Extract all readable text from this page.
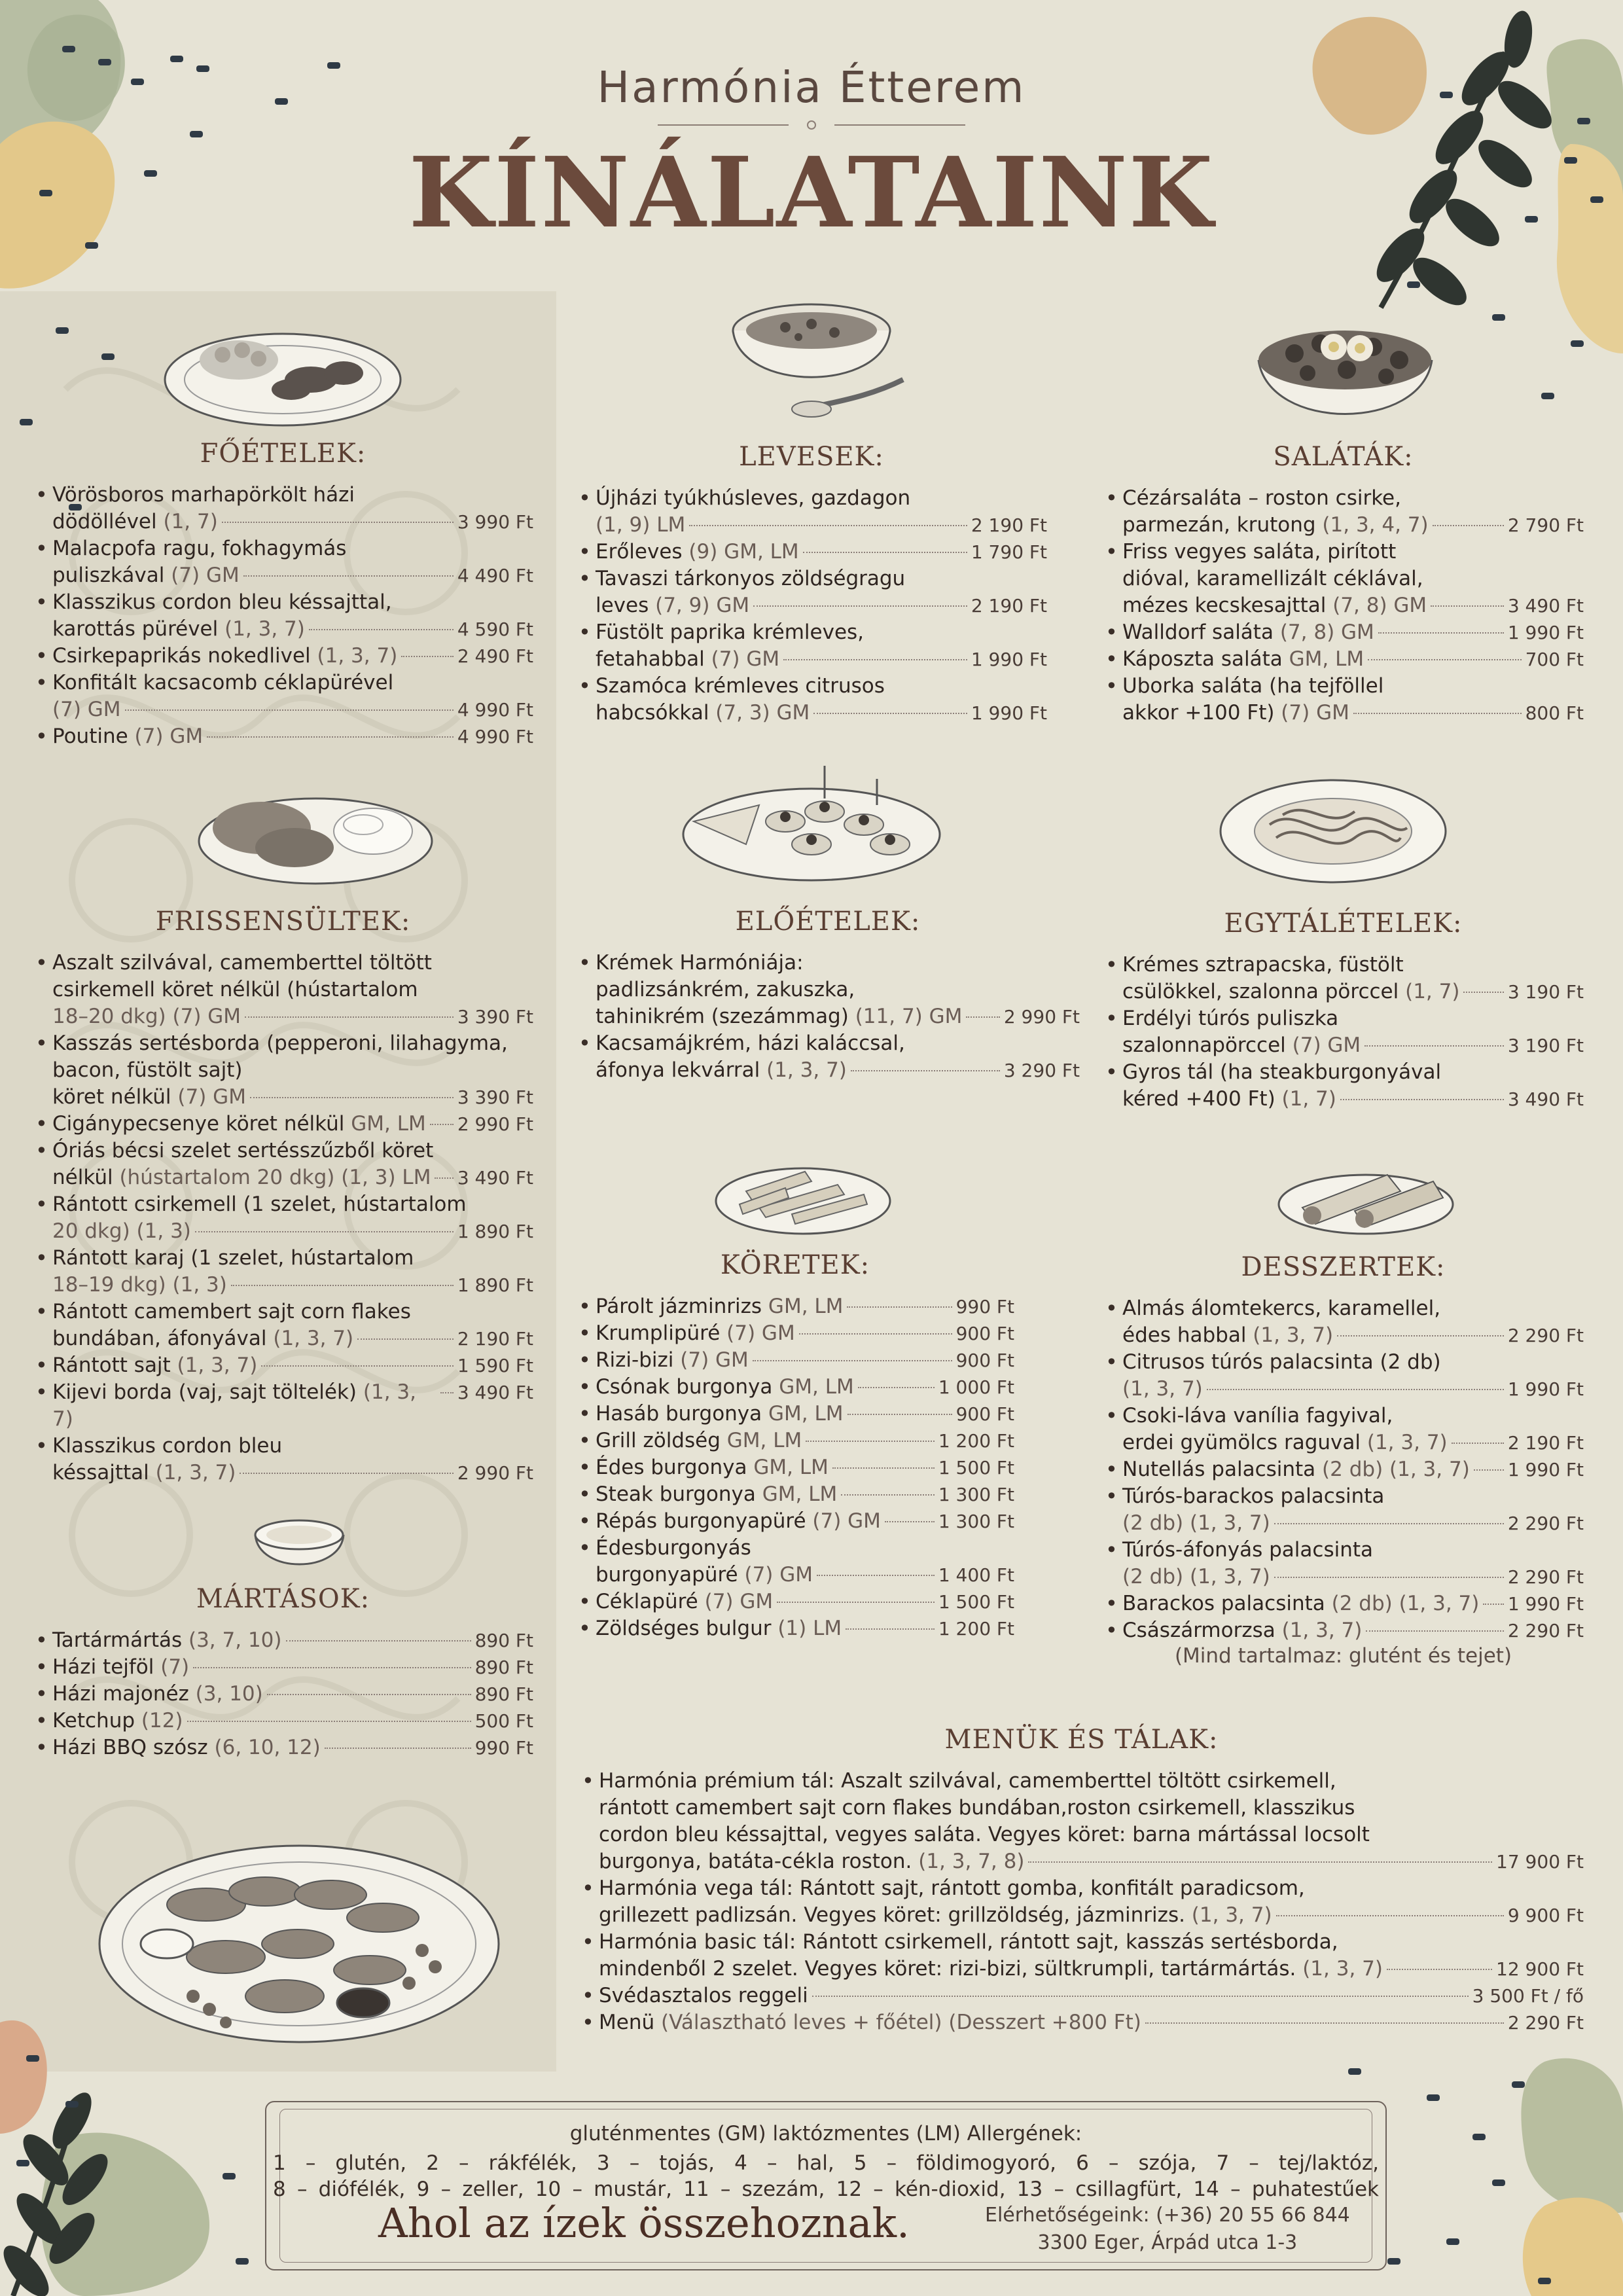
Harmónia Étterem
KÍNÁLATAINK
FŐÉTELEK:
• Vörösboros marhapörkölt házi
dödöllével (1, 7)	3 990 Ft
• Malacpofa ragu, fokhagymás
puliszkával (7) GM	4 490 Ft
• Klasszikus cordon bleu késsajttal,
karottás pürével (1, 3, 7)	4 590 Ft
• Csirkepaprikás nokedlivel (1, 3, 7)	2 490 Ft
• Konfitált kacsacomb céklapürével
(7) GM	4 990 Ft
• Poutine (7) GM	4 990 Ft
LEVESEK:
• Újházi tyúkhúsleves, gazdagon
(1, 9) LM	2 190 Ft
• Erőleves (9) GM, LM	1 790 Ft
• Tavaszi tárkonyos zöldségragu
leves (7, 9) GM	2 190 Ft
• Füstölt paprika krémleves,
fetahabbal (7) GM	1 990 Ft
• Szamóca krémleves citrusos
habcsókkal (7, 3) GM	1 990 Ft
SALÁTÁK:
• Cézársaláta – roston csirke,
parmezán, krutong (1, 3, 4, 7)	2 790 Ft
• Friss vegyes saláta, pirított
dióval, karamellizált céklával,
mézes kecskesajttal (7, 8) GM	3 490 Ft
• Walldorf saláta (7, 8) GM	1 990 Ft
• Káposzta saláta GM, LM	700 Ft
• Uborka saláta (ha tejföllel
akkor +100 Ft) (7) GM	800 Ft
FRISSENSÜLTEK:
• Aszalt szilvával, camemberttel töltött
csirkemell köret nélkül (hústartalom
18–20 dkg) (7) GM	3 390 Ft
• Kasszás sertésborda (pepperoni, lilahagyma,
bacon, füstölt sajt)
köret nélkül (7) GM	3 390 Ft
• Cigánypecsenye köret nélkül GM, LM 2 990 Ft
• Óriás bécsi szelet sertésszűzből köret
nélkül (hústartalom 20 dkg) (1, 3) LM 3 490 Ft
• Rántott csirkemell (1 szelet, hústartalom
20 dkg) (1, 3)	1 890 Ft
• Rántott karaj (1 szelet, hústartalom
18–19 dkg) (1, 3)	1 890 Ft
• Rántott camembert sajt corn flakes
bundában, áfonyával (1, 3, 7)	2 190 Ft
• Rántott sajt (1, 3, 7)	1 590 Ft
• Kijevi borda (vaj, sajt töltelék) (1, 3, 7)
3 490 Ft
• Klasszikus cordon bleu
késsajttal (1, 3, 7)	2 990 Ft
ELŐÉTELEK:
• Krémek Harmóniája:
padlizsánkrém, zakuszka,
tahinikrém (szezámmag) (11, 7) GM 2 990 Ft
• Kacsamájkrém, házi kaláccsal,
áfonya lekvárral (1, 3, 7)	3 290 Ft
EGYTÁLÉTELEK:
• Krémes sztrapacska, füstölt
csülökkel, szalonna pörccel (1, 7)	3 190 Ft
• Erdélyi túrós puliszka
szalonnapörccel (7) GM	3 190 Ft
• Gyros tál (ha steakburgonyával
kéred +400 Ft) (1, 7)	3 490 Ft
KÖRETEK:
• Párolt jázminrizs GM, LM	990 Ft
• Krumplipüré (7) GM	900 Ft
• Rizi-bizi (7) GM	900 Ft
• Csónak burgonya GM, LM	1 000 Ft
• Hasáb burgonya GM, LM	900 Ft
• Grill zöldség GM, LM	1 200 Ft
• Édes burgonya GM, LM	1 500 Ft
• Steak burgonya GM, LM	1 300 Ft
• Répás burgonyapüré (7) GM	1 300 Ft
• Édesburgonyás
burgonyapüré (7) GM	1 400 Ft
• Céklapüré (7) GM	1 500 Ft
• Zöldséges bulgur (1) LM	1 200 Ft
DESSZERTEK:
• Almás álomtekercs, karamellel,
édes habbal (1, 3, 7)	2 290 Ft
• Citrusos túrós palacsinta (2 db)
(1, 3, 7)	1 990 Ft
• Csoki-láva vanília fagyival,
erdei gyümölcs raguval (1, 3, 7)	2 190 Ft
• Nutellás palacsinta (2 db) (1, 3, 7) 1 990 Ft
• Túrós-barackos palacsinta
(2 db) (1, 3, 7)	2 290 Ft
• Túrós-áfonyás palacsinta
(2 db) (1, 3, 7)	2 290 Ft
• Barackos palacsinta (2 db) (1, 3, 7) 1 990 Ft
• Császármorzsa (1, 3, 7)	2 290 Ft
(Mind tartalmaz: glutént és tejet)
MÁRTÁSOK:
• Tartármártás (3, 7, 10)	890 Ft
• Házi tejföl (7)	890 Ft
• Házi majonéz (3, 10)	890 Ft
• Ketchup (12)	500 Ft
• Házi BBQ szósz (6, 10, 12)	990 Ft	MENÜK ÉS TÁLAK:
• Harmónia prémium tál: Aszalt szilvával, camemberttel töltött csirkemell,
rántott camembert sajt corn flakes bundában,roston csirkemell, klasszikus
cordon bleu késsajttal, vegyes saláta. Vegyes köret: barna mártással locsolt
burgonya, batáta-cékla roston. (1, 3, 7, 8)	17 900 Ft
• Harmónia vega tál: Rántott sajt, rántott gomba, konfitált paradicsom,
grillezett padlizsán. Vegyes köret: grillzöldség, jázminrizs. (1, 3, 7)	9 900 Ft
• Harmónia basic tál: Rántott csirkemell, rántott sajt, kasszás sertésborda,
mindenből 2 szelet. Vegyes köret: rizi-bizi, sültkrumpli, tartármártás. (1, 3, 7)	12 900 Ft
• Svédasztalos reggeli	3 500 Ft / fő
• Menü (Választható leves + főétel) (Desszert +800 Ft)	2 290 Ft
gluténmentes (GM) laktózmentes (LM) Allergének:
1 – glutén, 2 – rákfélék, 3 – tojás, 4 – hal, 5 – földimogyoró, 6 – szója, 7 – tej/laktóz,
8 – diófélék, 9 – zeller, 10 – mustár, 11 – szezám, 12 – kén-dioxid, 13 – csillagfürt, 14 – puhatestűek
Ahol az ízek összehoznak.	Elérhetőségeink: (+36) 20 55 66 844
3300 Eger, Árpád utca 1-3
